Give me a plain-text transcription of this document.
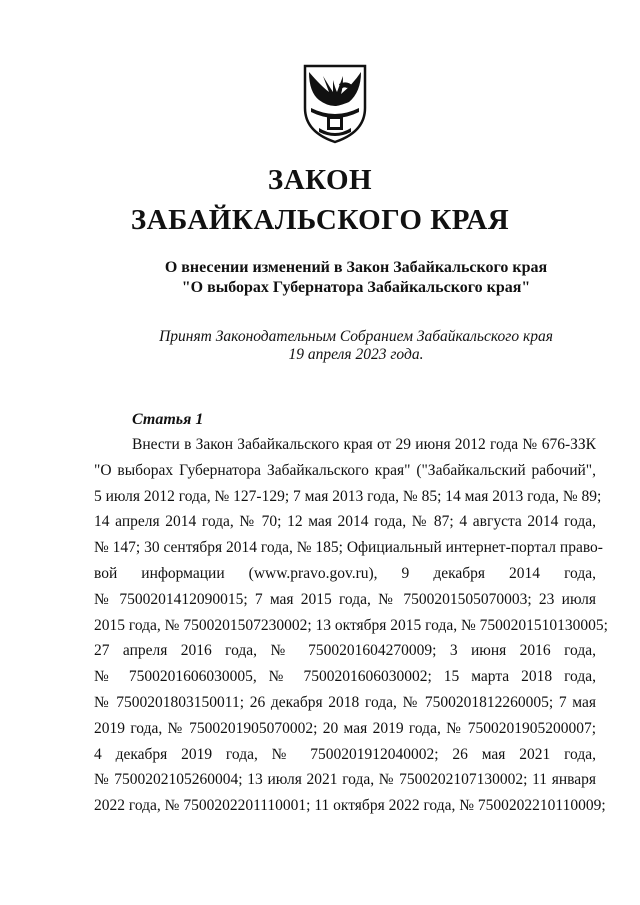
ЗАКОН
ЗАБАЙКАЛЬСКОГО КРАЯ
О внесении изменений в Закон Забайкальского края
"О выборах Губернатора Забайкальского края"
Принят Законодательным Собранием Забайкальского края
19 апреля 2023 года.
Статья 1
Внести в Закон Забайкальского края от 29 июня 2012 года № 676-ЗЗК
"О выборах Губернатора Забайкальского края" ("Забайкальский рабочий",
5 июля 2012 года, № 127-129; 7 мая 2013 года, № 85; 14 мая 2013 года, № 89;
14 апреля 2014 года, № 70; 12 мая 2014 года, № 87; 4 августа 2014 года,
№ 147; 30 сентября 2014 года, № 185; Официальный интернет-портал право-
вой информации (www.pravo.gov.ru), 9 декабря 2014 года,
№ 7500201412090015; 7 мая 2015 года, № 7500201505070003; 23 июля
2015 года, № 7500201507230002; 13 октября 2015 года, № 7500201510130005;
27 апреля 2016 года, № 7500201604270009; 3 июня 2016 года,
№ 7500201606030005, № 7500201606030002; 15 марта 2018 года,
№ 7500201803150011; 26 декабря 2018 года, № 7500201812260005; 7 мая
2019 года, № 7500201905070002; 20 мая 2019 года, № 7500201905200007;
4 декабря 2019 года, № 7500201912040002; 26 мая 2021 года,
№ 7500202105260004; 13 июля 2021 года, № 7500202107130002; 11 января
2022 года, № 7500202201110001; 11 октября 2022 года, № 7500202210110009;
